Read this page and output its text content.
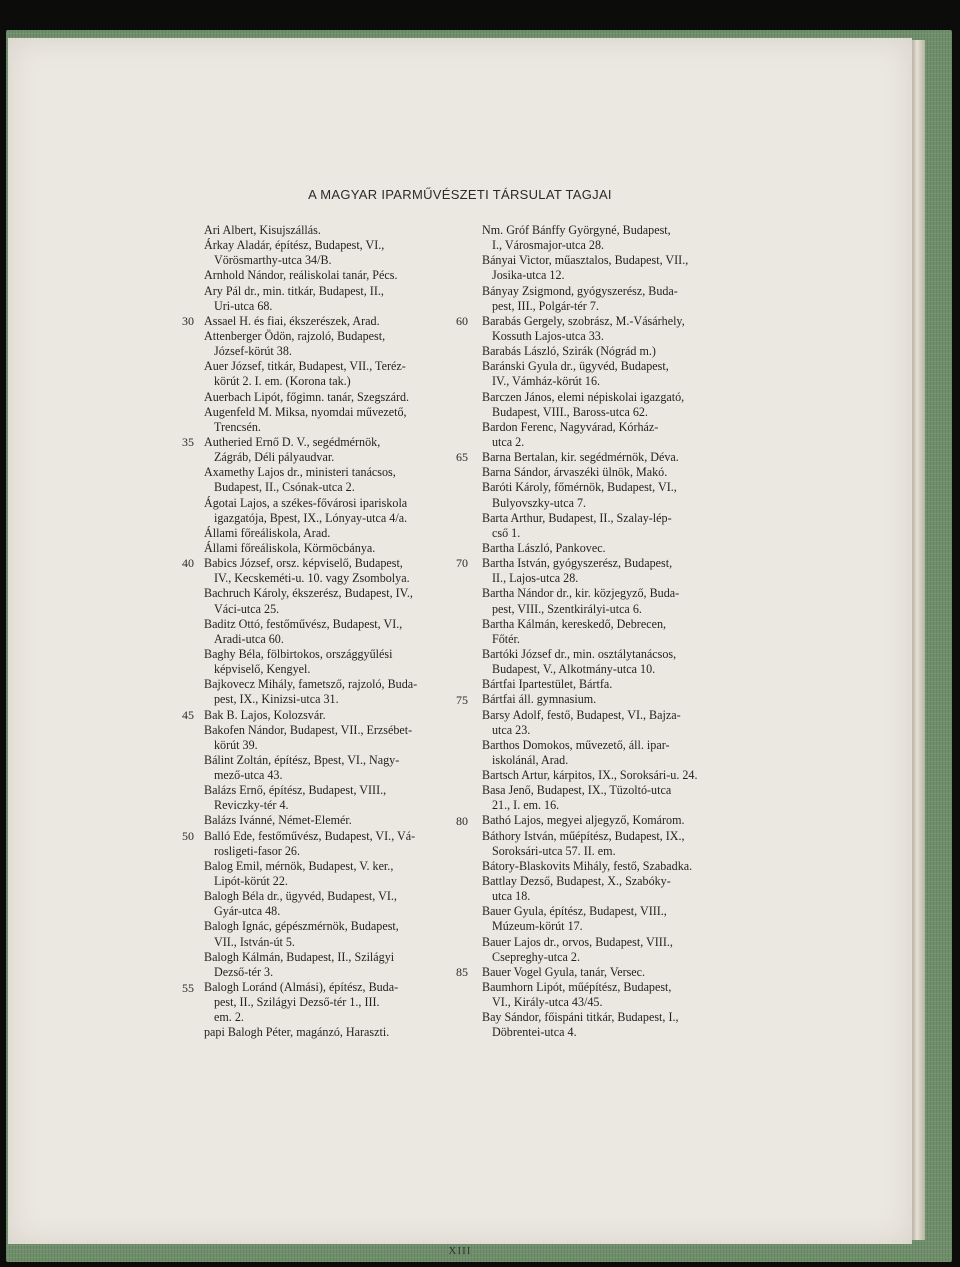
A MAGYAR IPARMŰVÉSZETI TÁRSULAT TAGJAI
Ari Albert, Kisujszállás.
Árkay Aladár, építész, Budapest, VI.,
Vörösmarthy-utca 34/B.
Arnhold Nándor, reáliskolai tanár, Pécs.
Ary Pál dr., min. titkár, Budapest, II.,
Uri-utca 68.
Assael H. és fiai, ékszerészek, Arad.
Attenberger Ödön, rajzoló, Budapest,
József-körút 38.
Auer József, titkár, Budapest, VII., Teréz-
körút 2. I. em. (Korona tak.)
Auerbach Lipót, főgimn. tanár, Szegszárd.
Augenfeld M. Miksa, nyomdai művezető,
Trencsén.
Autheried Ernő D. V., segédmérnök,
Zágráb, Déli pályaudvar.
Axamethy Lajos dr., ministeri tanácsos,
Budapest, II., Csónak-utca 2.
Ágotai Lajos, a székes-fővárosi ipariskola
igazgatója, Bpest, IX., Lónyay-utca 4/a.
Állami főreáliskola, Arad.
Állami főreáliskola, Körmöcbánya.
Babics József, orsz. képviselő, Budapest,
IV., Kecskeméti-u. 10. vagy Zsombolya.
Bachruch Károly, ékszerész, Budapest, IV.,
Váci-utca 25.
Baditz Ottó, festőművész, Budapest, VI.,
Aradi-utca 60.
Baghy Béla, fölbirtokos, országgyűlési
képviselő, Kengyel.
Bajkovecz Mihály, fametsző, rajzoló, Buda-
pest, IX., Kinizsi-utca 31.
Bak B. Lajos, Kolozsvár.
Bakofen Nándor, Budapest, VII., Erzsébet-
körút 39.
Bálint Zoltán, építész, Bpest, VI., Nagy-
mező-utca 43.
Balázs Ernő, építész, Budapest, VIII.,
Reviczky-tér 4.
Balázs Ivánné, Német-Elemér.
Balló Ede, festőművész, Budapest, VI., Vá-
rosligeti-fasor 26.
Balog Emil, mérnök, Budapest, V. ker.,
Lipót-körút 22.
Balogh Béla dr., ügyvéd, Budapest, VI.,
Gyár-utca 48.
Balogh Ignác, gépészmérnök, Budapest,
VII., István-út 5.
Balogh Kálmán, Budapest, II., Szilágyi
Dezső-tér 3.
Balogh Loránd (Almási), építész, Buda-
pest, II., Szilágyi Dezső-tér 1., III.
em. 2.
papi Balogh Péter, magánzó, Haraszti.
Nm. Gróf Bánffy Györgyné, Budapest,
I., Városmajor-utca 28.
Bányai Victor, műasztalos, Budapest, VII.,
Josika-utca 12.
Bányay Zsigmond, gyógyszerész, Buda-
pest, III., Polgár-tér 7.
Barabás Gergely, szobrász, M.-Vásárhely,
Kossuth Lajos-utca 33.
Barabás László, Szirák (Nógrád m.)
Baránski Gyula dr., ügyvéd, Budapest,
IV., Vámház-körút 16.
Barczen János, elemi népiskolai igazgató,
Budapest, VIII., Baross-utca 62.
Bardon Ferenc, Nagyvárad, Kórház-
utca 2.
Barna Bertalan, kir. segédmérnök, Déva.
Barna Sándor, árvaszéki ülnök, Makó.
Baróti Károly, főmérnök, Budapest, VI.,
Bulyovszky-utca 7.
Barta Arthur, Budapest, II., Szalay-lép-
cső 1.
Bartha László, Pankovec.
Bartha István, gyógyszerész, Budapest,
II., Lajos-utca 28.
Bartha Nándor dr., kir. közjegyző, Buda-
pest, VIII., Szentkirályi-utca 6.
Bartha Kálmán, kereskedő, Debrecen,
Főtér.
Bartóki József dr., min. osztálytanácsos,
Budapest, V., Alkotmány-utca 10.
Bártfai Ipartestület, Bártfa.
Bártfai áll. gymnasium.
Barsy Adolf, festő, Budapest, VI., Bajza-
utca 23.
Barthos Domokos, művezető, áll. ipar-
iskolánál, Arad.
Bartsch Artur, kárpitos, IX., Soroksári-u. 24.
Basa Jenő, Budapest, IX., Tüzoltó-utca
21., I. em. 16.
Bathó Lajos, megyei aljegyző, Komárom.
Báthory István, műépítész, Budapest, IX.,
Soroksári-utca 57. II. em.
Bátory-Blaskovits Mihály, festő, Szabadka.
Battlay Dezső, Budapest, X., Szabóky-
utca 18.
Bauer Gyula, építész, Budapest, VIII.,
Múzeum-körút 17.
Bauer Lajos dr., orvos, Budapest, VIII.,
Csepreghy-utca 2.
Bauer Vogel Gyula, tanár, Versec.
Baumhorn Lipót, műépítész, Budapest,
VI., Király-utca 43/45.
Bay Sándor, főispáni titkár, Budapest, I.,
Döbrentei-utca 4.
XIII
30
35
40
45
50
55
60
65
70
75
80
85
